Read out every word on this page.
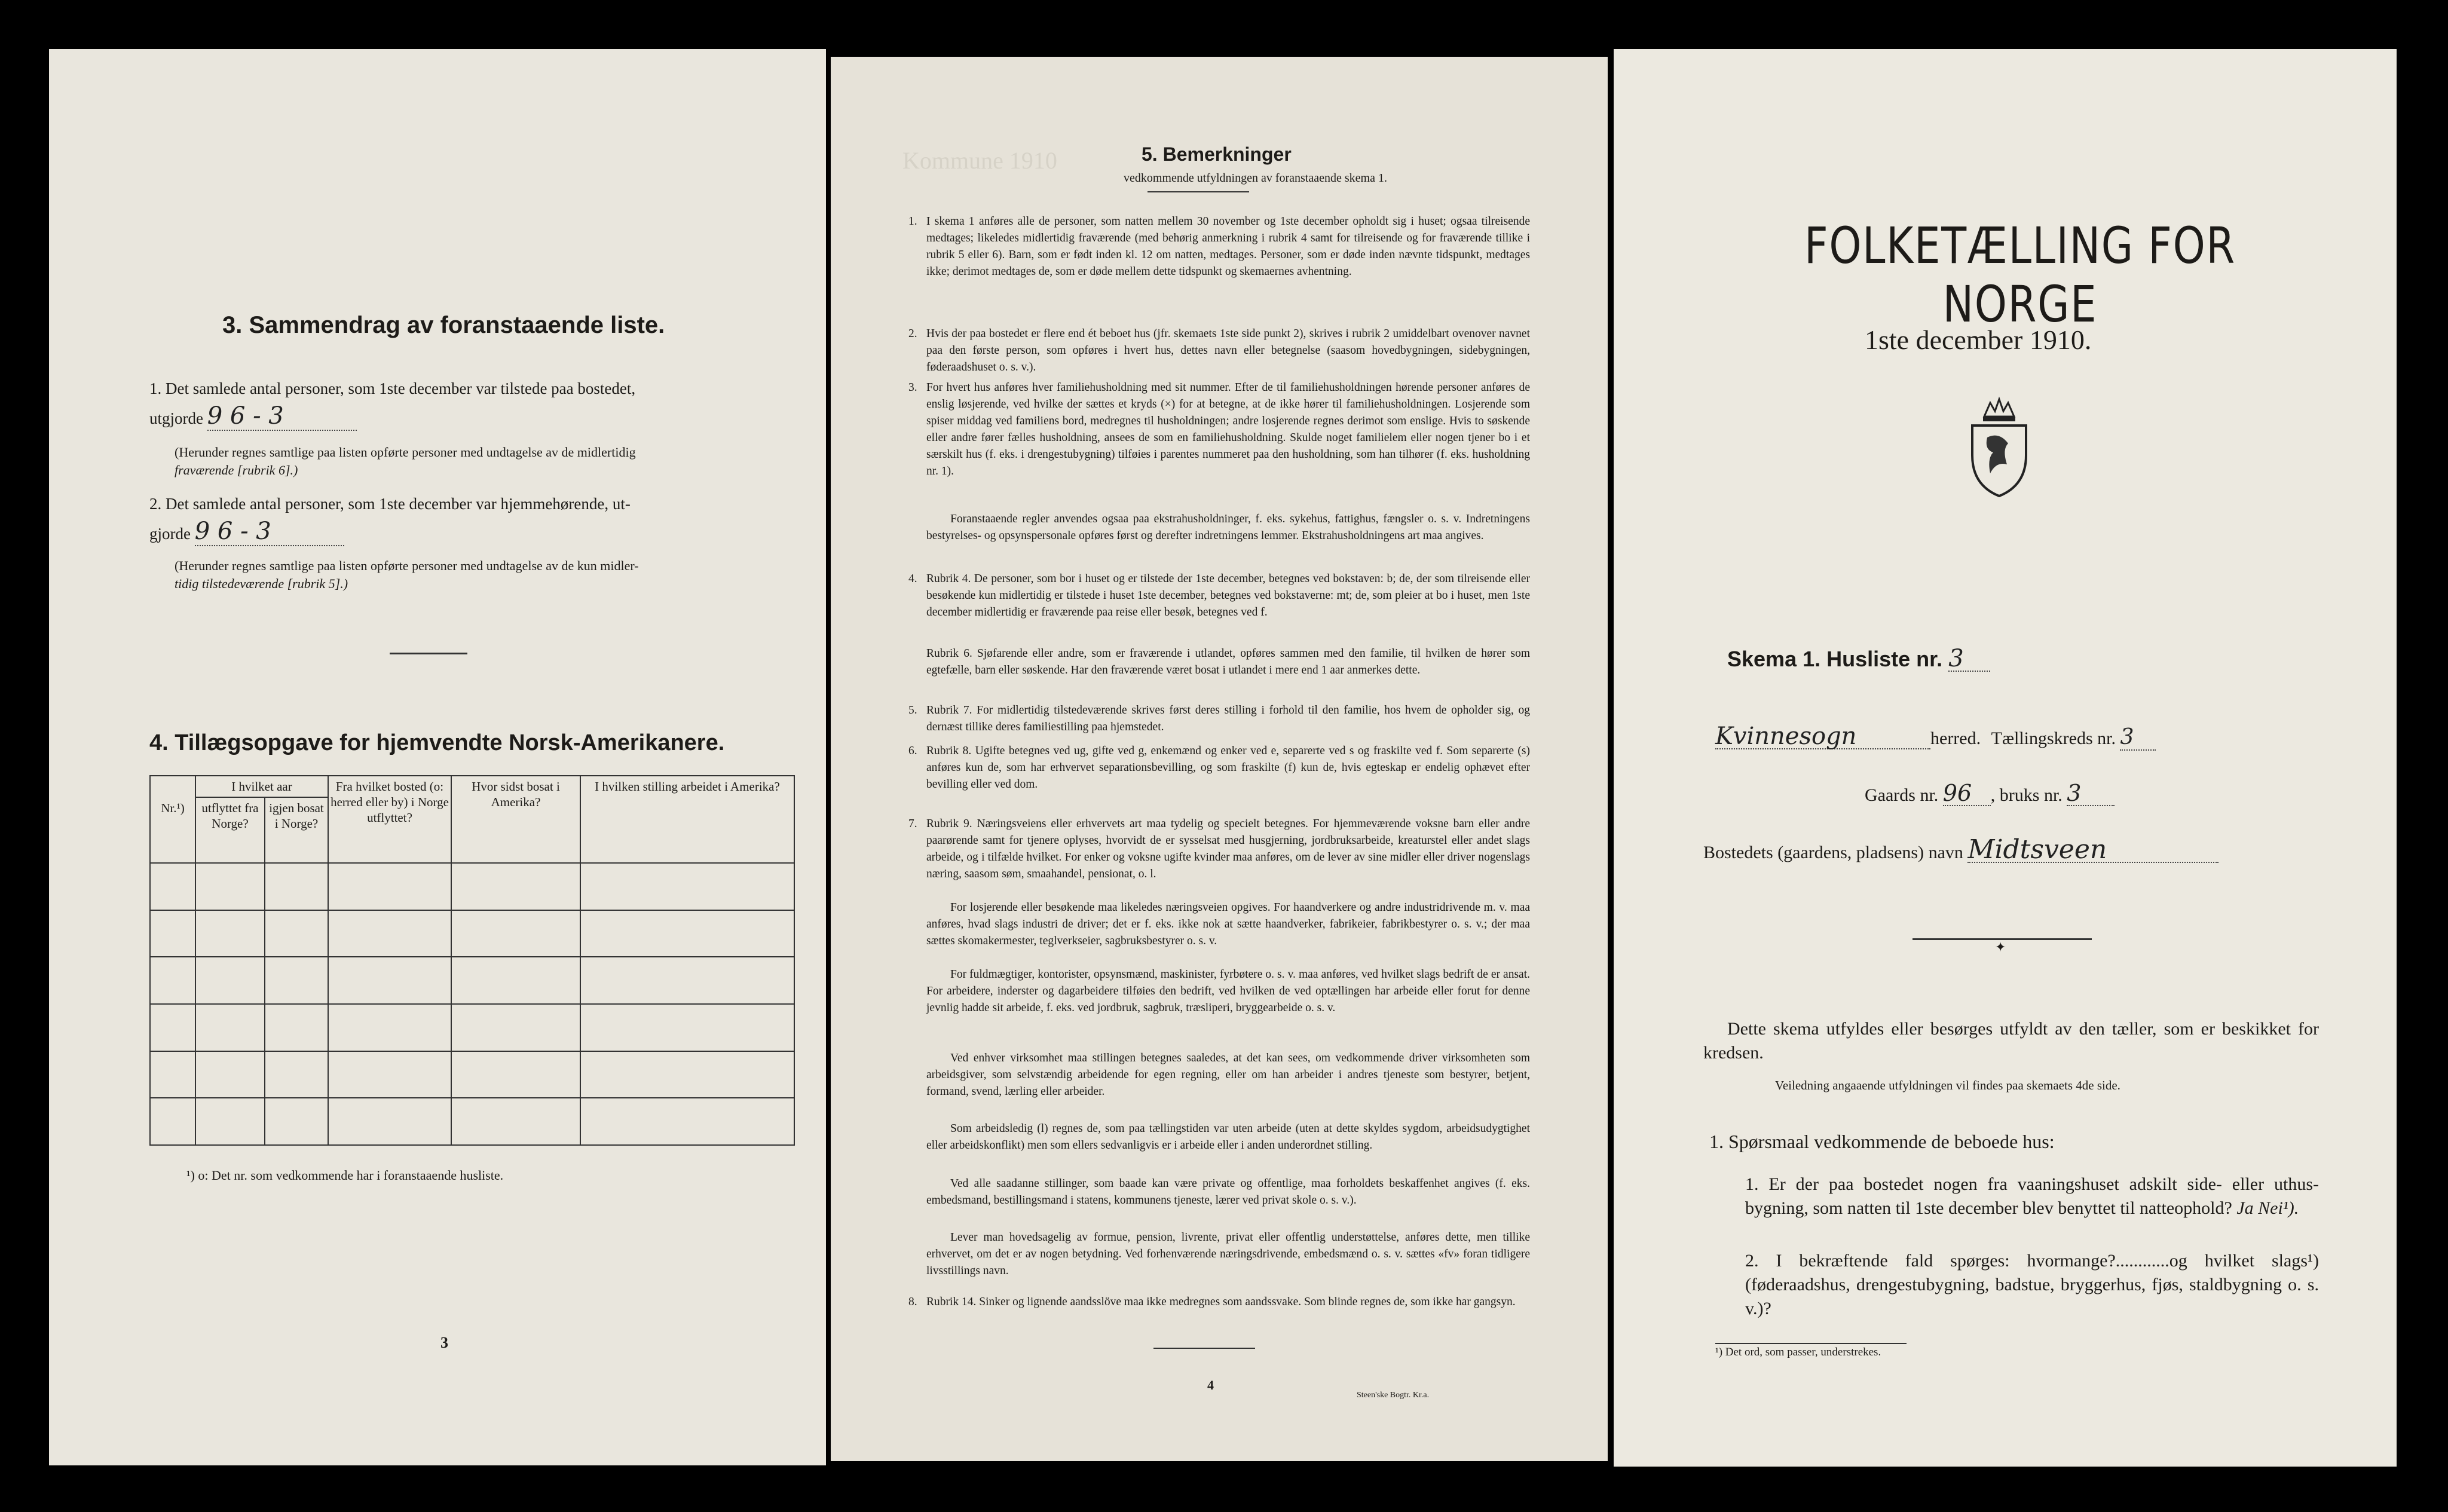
3. Sammendrag av foranstaaende liste.
1. Det samlede antal personer, som 1ste december var tilstede paa bostedet,
utgjorde 9 6 - 3
(Herunder regnes samtlige paa listen opførte personer med undtagelse av de midlertidig
fraværende [rubrik 6].)
2. Det samlede antal personer, som 1ste december var hjemmehørende, ut-
gjorde 9 6 - 3
(Herunder regnes samtlige paa listen opførte personer med undtagelse av de kun midler-
tidig tilstedeværende [rubrik 5].)
4. Tillægsopgave for hjemvendte Norsk-Amerikanere.
Nr.¹)	I hvilket aar		Fra hvilket bosted (o: herred eller by) i Norge utflyttet?	Hvor sidst bosat i Amerika?	I hvilken stilling arbeidet i Amerika?
	utflyttet fra Norge?	igjen bosat i Norge?			

¹) o: Det nr. som vedkommende har i foranstaaende husliste.
3
Kommune 1910	5. Bemerkninger
vedkommende utfyldningen av foranstaaende skema 1.
1. I skema 1 anføres alle de personer, som natten mellem 30 november og 1ste december opholdt sig i huset; ogsaa tilreisende medtages; likeledes midlertidig fraværende (med behørig anmerkning i rubrik 4 samt for tilreisende og for fraværende tillike i rubrik 5 eller 6). Barn, som er født inden kl. 12 om natten, medtages. Personer, som er døde inden nævnte tidspunkt, medtages ikke; derimot medtages de, som er døde mellem dette tidspunkt og skemaernes avhentning.
2. Hvis der paa bostedet er flere end ét beboet hus (jfr. skemaets 1ste side punkt 2), skrives i rubrik 2 umiddelbart ovenover navnet paa den første person, som opføres i hvert hus, dettes navn eller betegnelse (saasom hovedbygningen, sidebygningen, føderaadshuset o. s. v.).
3. For hvert hus anføres hver familiehusholdning med sit nummer. Efter de til familiehusholdningen hørende personer anføres de enslig løsjerende, ved hvilke der sættes et kryds (×) for at betegne, at de ikke hører til familiehusholdningen. Losjerende som spiser middag ved familiens bord, medregnes til husholdningen; andre losjerende regnes derimot som enslige. Hvis to søskende eller andre fører fælles husholdning, ansees de som en familiehusholdning. Skulde noget familielem eller nogen tjener bo i et særskilt hus (f. eks. i drengestubygning) tilføies i parentes nummeret paa den husholdning, som han tilhører (f. eks. husholdning nr. 1).
Foranstaaende regler anvendes ogsaa paa ekstrahusholdninger, f. eks. sykehus, fattighus, fængsler o. s. v. Indretningens bestyrelses- og opsynspersonale opføres først og derefter indretningens lemmer. Ekstrahusholdningens art maa angives.
4. Rubrik 4. De personer, som bor i huset og er tilstede der 1ste december, betegnes ved bokstaven: b; de, der som tilreisende eller besøkende kun midlertidig er tilstede i huset 1ste december, betegnes ved bokstaverne: mt; de, som pleier at bo i huset, men 1ste december midlertidig er fraværende paa reise eller besøk, betegnes ved f.
Rubrik 6. Sjøfarende eller andre, som er fraværende i utlandet, opføres sammen med den familie, til hvilken de hører som egtefælle, barn eller søskende. Har den fraværende været bosat i utlandet i mere end 1 aar anmerkes dette.
5. Rubrik 7. For midlertidig tilstedeværende skrives først deres stilling i forhold til den familie, hos hvem de opholder sig, og dernæst tillike deres familiestilling paa hjemstedet.
6. Rubrik 8. Ugifte betegnes ved ug, gifte ved g, enkemænd og enker ved e, separerte ved s og fraskilte ved f. Som separerte (s) anføres kun de, som har erhvervet separationsbevilling, og som fraskilte (f) kun de, hvis egteskap er endelig ophævet efter bevilling eller ved dom.
7. Rubrik 9. Næringsveiens eller erhvervets art maa tydelig og specielt betegnes. For hjemmeværende voksne barn eller andre paarørende samt for tjenere oplyses, hvorvidt de er sysselsat med husgjerning, jordbruksarbeide, kreaturstel eller andet slags arbeide, og i tilfælde hvilket. For enker og voksne ugifte kvinder maa anføres, om de lever av sine midler eller driver nogenslags næring, saasom søm, smaahandel, pensionat, o. l.
For losjerende eller besøkende maa likeledes næringsveien opgives. For haandverkere og andre industridrivende m. v. maa anføres, hvad slags industri de driver; det er f. eks. ikke nok at sætte haandverker, fabrikeier, fabrikbestyrer o. s. v.; der maa sættes skomakermester, teglverkseier, sagbruksbestyrer o. s. v.
For fuldmægtiger, kontorister, opsynsmænd, maskinister, fyrbøtere o. s. v. maa anføres, ved hvilket slags bedrift de er ansat. For arbeidere, inderster og dagarbeidere tilføies den bedrift, ved hvilken de ved optællingen har arbeide eller forut for denne jevnlig hadde sit arbeide, f. eks. ved jordbruk, sagbruk, træsliperi, bryggearbeide o. s. v.
Ved enhver virksomhet maa stillingen betegnes saaledes, at det kan sees, om vedkommende driver virksomheten som arbeidsgiver, som selvstændig arbeidende for egen regning, eller om han arbeider i andres tjeneste som bestyrer, betjent, formand, svend, lærling eller arbeider.
Som arbeidsledig (l) regnes de, som paa tællingstiden var uten arbeide (uten at dette skyldes sygdom, arbeidsudygtighet eller arbeidskonflikt) men som ellers sedvanligvis er i arbeide eller i anden underordnet stilling.
Ved alle saadanne stillinger, som baade kan være private og offentlige, maa forholdets beskaffenhet angives (f. eks. embedsmand, bestillingsmand i statens, kommunens tjeneste, lærer ved privat skole o. s. v.).
Lever man hovedsagelig av formue, pension, livrente, privat eller offentlig understøttelse, anføres dette, men tillike erhvervet, om det er av nogen betydning. Ved forhenværende næringsdrivende, embedsmænd o. s. v. sættes «fv» foran tidligere livsstillings navn.
8. Rubrik 14. Sinker og lignende aandsslöve maa ikke medregnes som aandssvake. Som blinde regnes de, som ikke har gangsyn.
4
Steen'ske Bogtr. Kr.a.
FOLKETÆLLING FOR NORGE
1ste december 1910.
Skema 1. Husliste nr. 3
Kvinnesogn	herred. Tællingskreds nr. 3
Gaards nr. 96 , bruks nr. 3
Bostedets (gaardens, pladsens) navn Midtsveen
✦
Dette skema utfyldes eller besørges utfyldt av den tæller, som er beskikket for kredsen.
Veiledning angaaende utfyldningen vil findes paa skemaets 4de side.
1. Spørsmaal vedkommende de beboede hus:
1. Er der paa bostedet nogen fra vaaningshuset adskilt side- eller uthus-bygning, som natten til 1ste december blev benyttet til natteophold? Ja Nei¹).
2. I bekræftende fald spørges: hvormange?............og hvilket slags¹) (føderaadshus, drengestubygning, badstue, bryggerhus, fjøs, staldbygning o. s. v.)?
¹) Det ord, som passer, understrekes.
